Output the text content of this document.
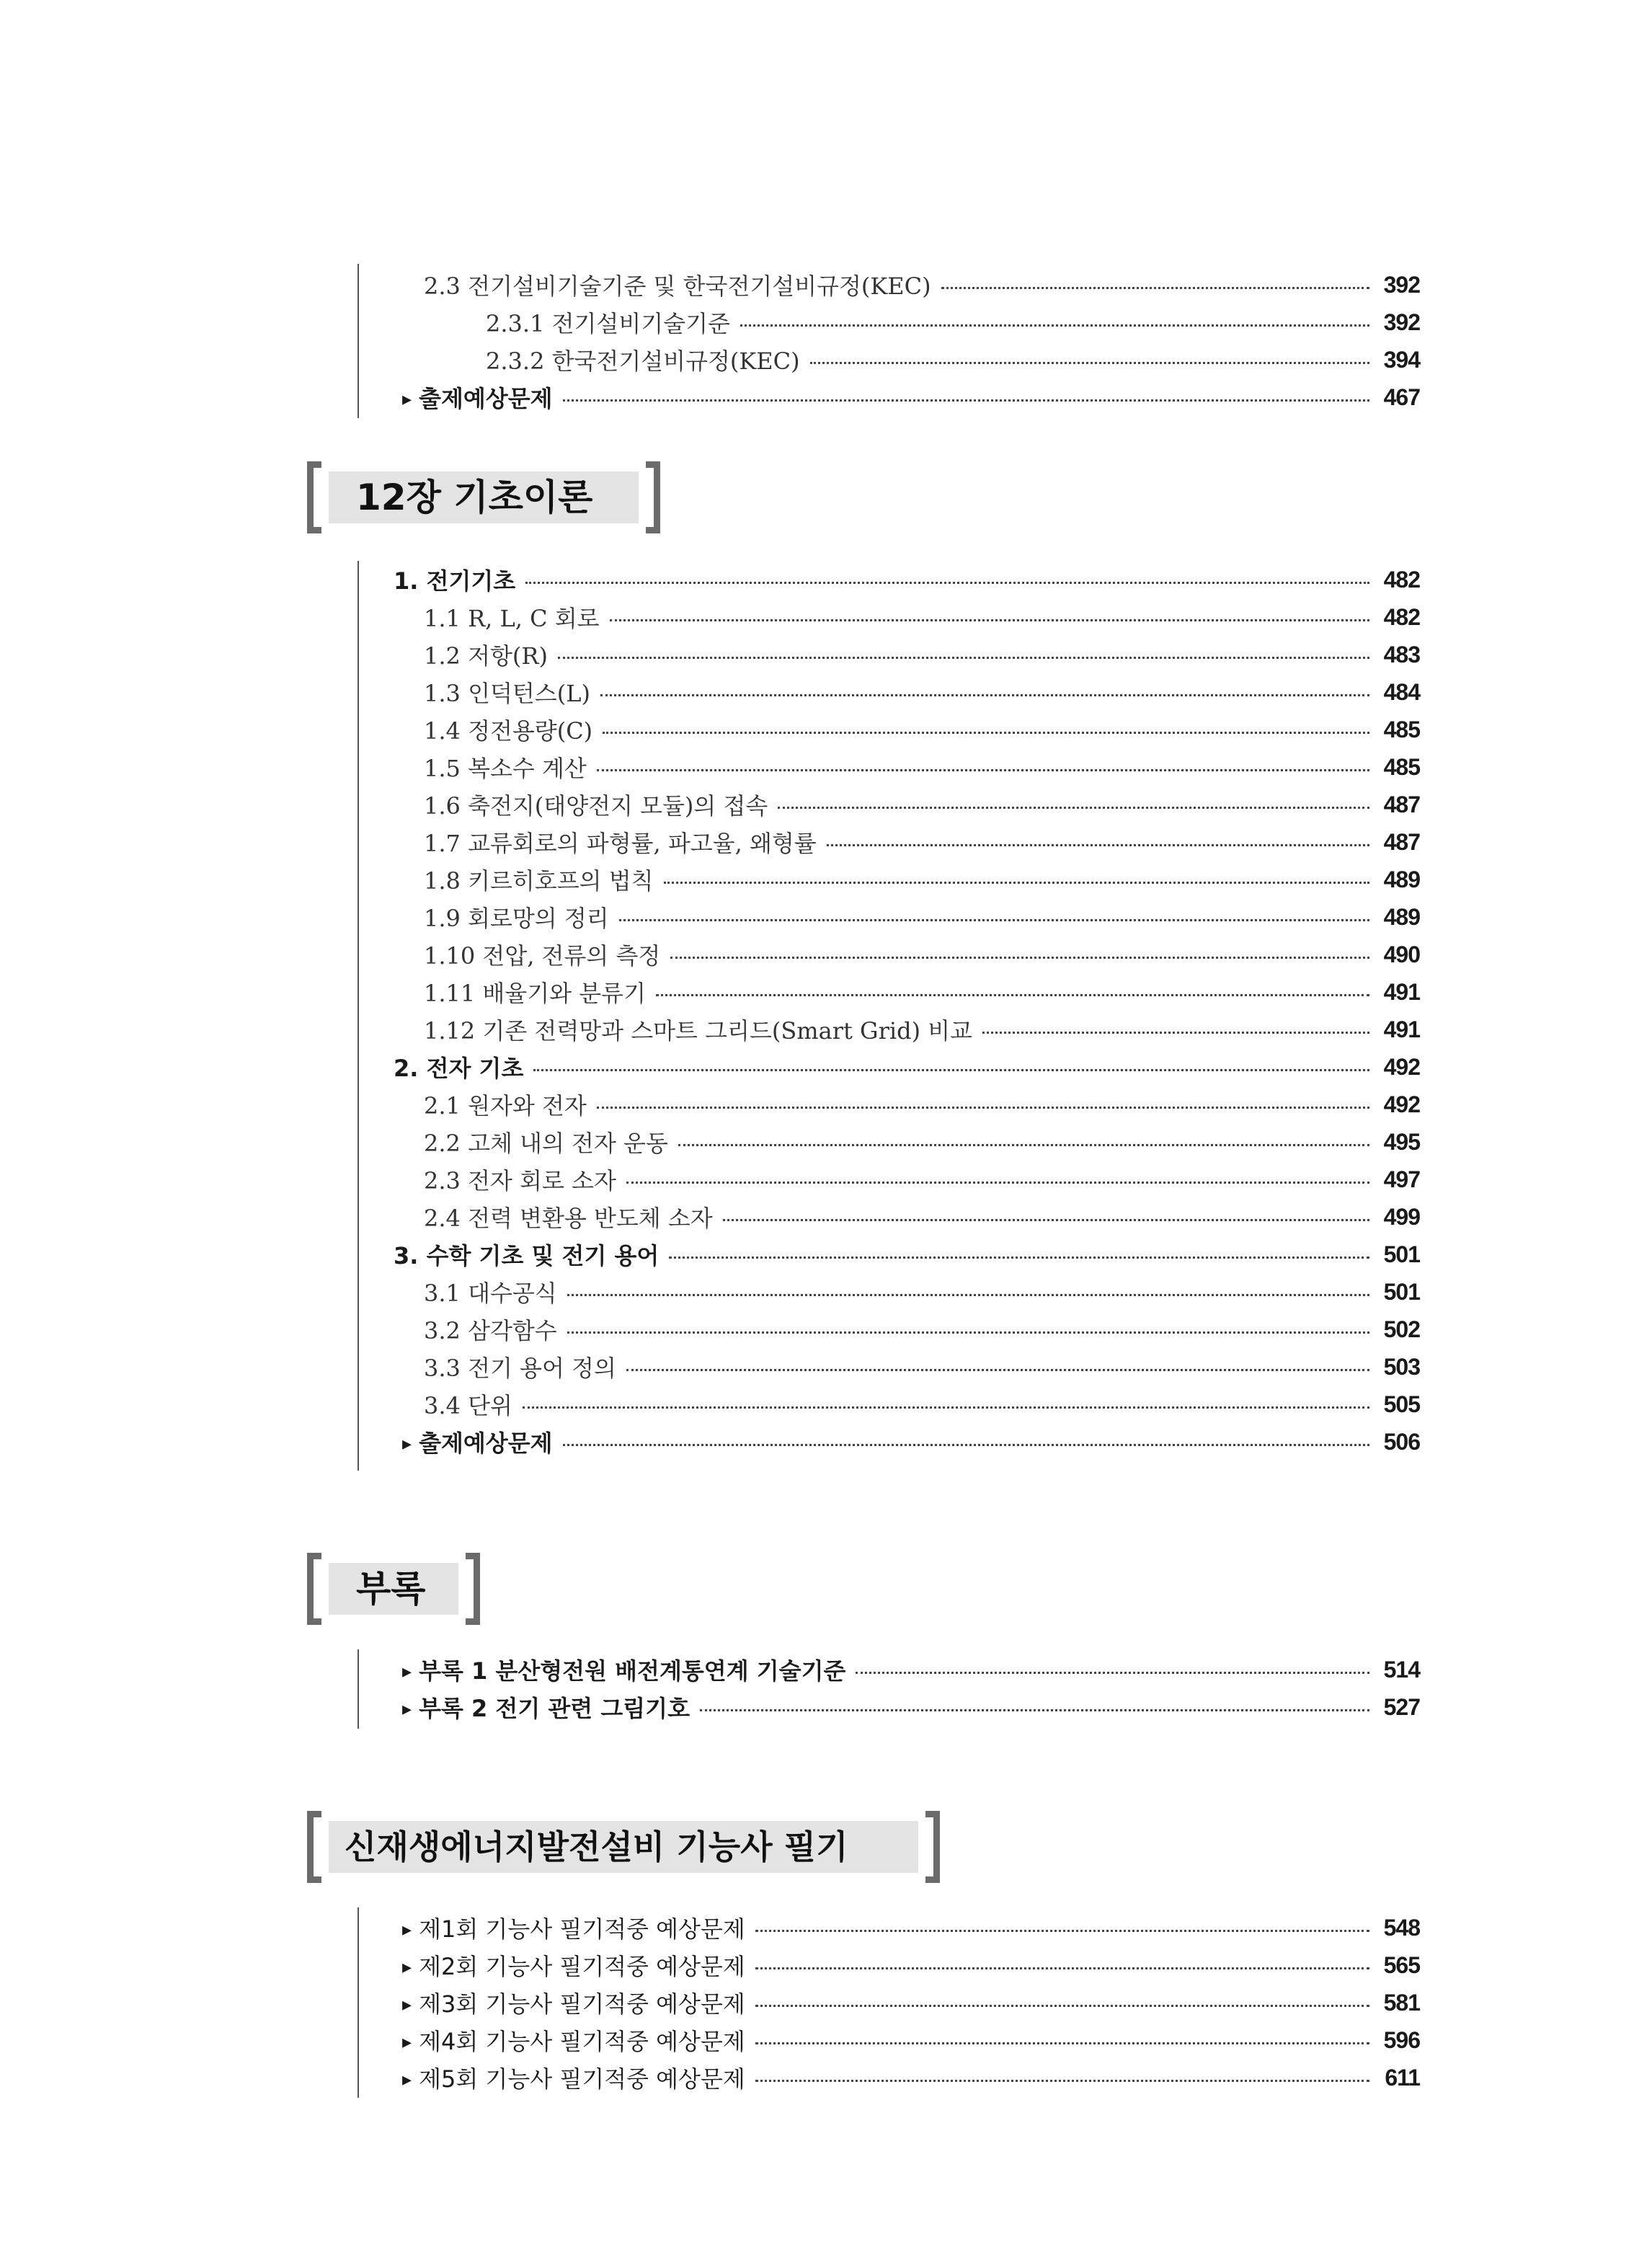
2.3 전기설비기술기준 및 한국전기설비규정(KEC)	392
2.3.1 전기설비기술기준	392
2.3.2 한국전기설비규정(KEC)	394
▸ 출제예상문제	467
12장 기초이론
1. 전기기초	482
1.1 R, L, C 회로	482
1.2 저항(R)	483
1.3 인덕턴스(L)	484
1.4 정전용량(C)	485
1.5 복소수 계산	485
1.6 축전지(태양전지 모듈)의 접속	487
1.7 교류회로의 파형률, 파고율, 왜형률	487
1.8 키르히호프의 법칙	489
1.9 회로망의 정리	489
1.10 전압, 전류의 측정	490
1.11 배율기와 분류기	491
1.12 기존 전력망과 스마트 그리드(Smart Grid) 비교	491
2. 전자 기초	492
2.1 원자와 전자	492
2.2 고체 내의 전자 운동	495
2.3 전자 회로 소자	497
2.4 전력 변환용 반도체 소자	499
3. 수학 기초 및 전기 용어	501
3.1 대수공식	501
3.2 삼각함수	502
3.3 전기 용어 정의	503
3.4 단위	505
▸ 출제예상문제	506
부록
▸ 부록 1 분산형전원 배전계통연계 기술기준	514
▸ 부록 2 전기 관련 그림기호	527
신재생에너지발전설비 기능사 필기
▸ 제1회 기능사 필기적중 예상문제	548
▸ 제2회 기능사 필기적중 예상문제	565
▸ 제3회 기능사 필기적중 예상문제	581
▸ 제4회 기능사 필기적중 예상문제	596
▸ 제5회 기능사 필기적중 예상문제	611
